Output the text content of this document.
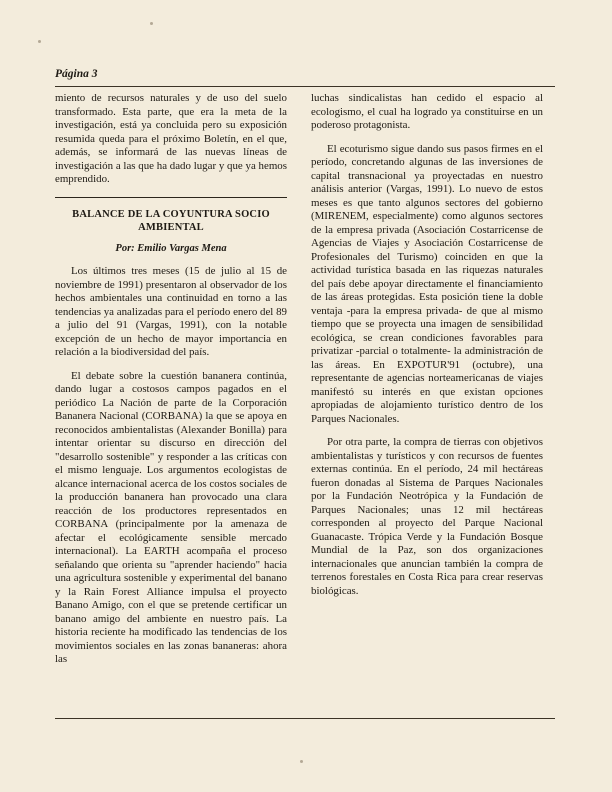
Página 3

miento de recursos naturales y de uso del suelo transformado. Esta parte, que era la meta de la investigación, está ya concluida pero su exposición resumida queda para el próximo Boletín, en el que, además, se informará de las nuevas líneas de investigación a las que ha dado lugar y que ya hemos emprendido.

BALANCE DE LA COYUNTURA SOCIO AMBIENTAL
Por: Emilio Vargas Mena

Los últimos tres meses (15 de julio al 15 de noviembre de 1991) presentaron al observador de los hechos ambientales una continuidad en torno a las tendencias ya analizadas para el período enero del 89 a julio del 91 (Vargas, 1991), con la notable excepción de un hecho de mayor importancia en relación a la biodiversidad del país.

El debate sobre la cuestión bananera continúa, dando lugar a costosos campos pagados en el periódico La Nación de parte de la Corporación Bananera Nacional (CORBANA) la que se apoya en reconocidos ambientalistas (Alexander Bonilla) para intentar orientar su discurso en dirección del "desarrollo sostenible" y responder a las críticas con el mismo lenguaje. Los argumentos ecologistas de alcance internacional acerca de los costos sociales de la producción bananera han provocado una clara reacción de los productores representados en CORBANA (principalmente por la amenaza de afectar el ecológicamente sensible mercado internacional). La EARTH acompaña el proceso señalando que orienta su "aprender haciendo" hacia una agricultura sostenible y experimental del banano y la Rain Forest Alliance impulsa el proyecto Banano Amigo, con el que se pretende certificar un banano amigo del ambiente en nuestro país. La historia reciente ha modificado las tendencias de los movimientos sociales en las zonas bananeras: ahora las

luchas sindicalistas han cedido el espacio al ecologismo, el cual ha logrado ya constituirse en un poderoso protagonista.

El ecoturismo sigue dando sus pasos firmes en el período, concretando algunas de las inversiones de capital transnacional ya proyectadas en nuestro análisis anterior (Vargas, 1991). Lo nuevo de estos meses es que tanto algunos sectores del gobierno (MIRENEM, especialmente) como algunos sectores de la empresa privada (Asociación Costarricense de Agencias de Viajes y Asociación Costarricense de Profesionales del Turismo) coinciden en que la actividad turística basada en las riquezas naturales del país debe apoyar directamente el financiamiento de las áreas protegidas. Esta posición tiene la doble ventaja -para la empresa privada- de que al mismo tiempo que se proyecta una imagen de sensibilidad ecológica, se crean condiciones favorables para privatizar -parcial o totalmente- la administración de las áreas. En EXPOTUR'91 (octubre), una representante de agencias norteamericanas de viajes manifestó su interés en que existan opciones apropiadas de alojamiento turístico dentro de los Parques Nacionales.

Por otra parte, la compra de tierras con objetivos ambientalistas y turísticos y con recursos de fuentes externas continúa. En el período, 24 mil hectáreas fueron donadas al Sistema de Parques Nacionales por la Fundación Neotrópica y la Fundación de Parques Nacionales; unas 12 mil hectáreas corresponden al proyecto del Parque Nacional Guanacaste. Trópica Verde y la Fundación Bosque Mundial de la Paz, son dos organizaciones internacionales que anuncian también la compra de terrenos forestales en Costa Rica para crear reservas biológicas.
